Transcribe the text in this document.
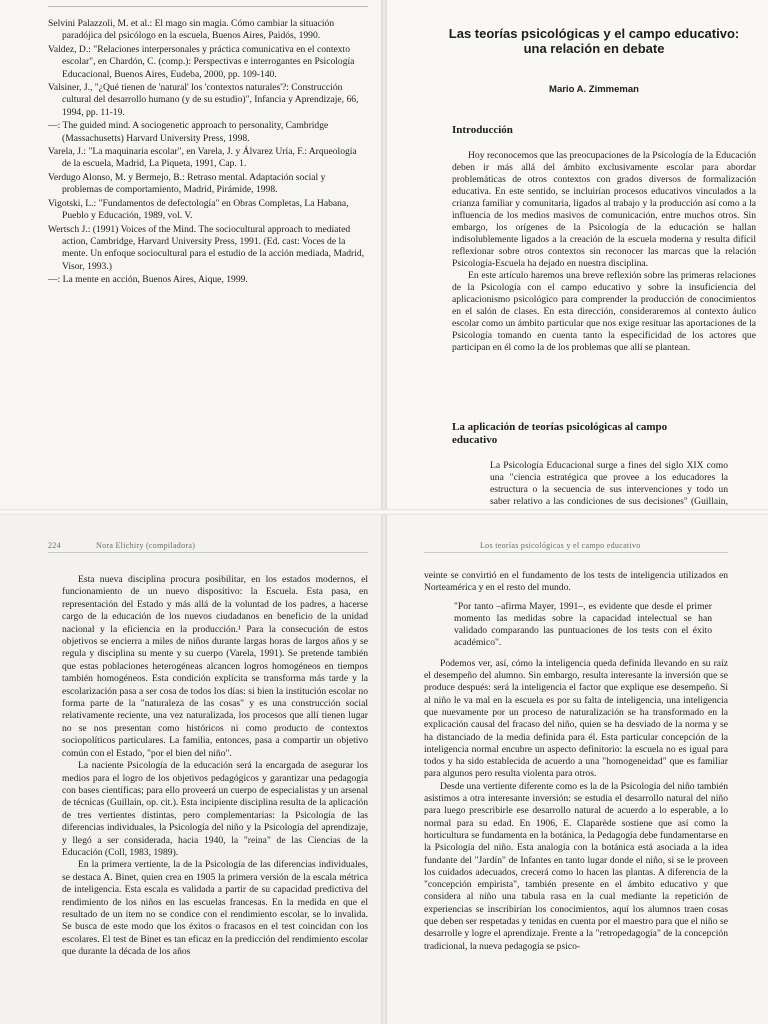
Selvini Palazzoli, M. et al.: El mago sin magia. Cómo cambiar la situación paradójica del psicólogo en la escuela, Buenos Aires, Paidós, 1990.

Valdez, D.: "Relaciones interpersonales y práctica comunicativa en el contexto escolar", en Chardón, C. (comp.): Perspectivas e interrogantes en Psicología Educacional, Buenos Aires, Eudeba, 2000, pp. 109-140.

Valsiner, J., "¿Qué tienen de 'natural' los 'contextos naturales'?: Construcción cultural del desarrollo humano (y de su estudio)", Infancia y Aprendizaje, 66, 1994, pp. 11-19.

—: The guided mind. A sociogenetic approach to personality, Cambridge (Massachusetts) Harvard University Press, 1998.

Varela, J.: "La maquinaria escolar", en Varela, J. y Álvarez Uría, F.: Arqueología de la escuela, Madrid, La Piqueta, 1991, Cap. 1.

Verdugo Alonso, M. y Bermejo, B.: Retraso mental. Adaptación social y problemas de comportamiento, Madrid, Pirámide, 1998.

Vigotski, L.: "Fundamentos de defectología" en Obras Completas, La Habana, Pueblo y Educación, 1989, vol. V.

Wertsch J.: (1991) Voices of the Mind. The sociocultural approach to mediated action, Cambridge, Harvard University Press, 1991. (Ed. cast: Voces de la mente. Un enfoque sociocultural para el estudio de la acción mediada, Madrid, Visor, 1993.)

—: La mente en acción, Buenos Aires, Aique, 1999.

Las teorías psicológicas y el campo educativo:
una relación en debate
Mario A. Zimmeman
Introducción

Hoy reconocemos que las preocupaciones de la Psicología de la Educación deben ir más allá del ámbito exclusivamente escolar para abordar problemáticas de otros contextos con grados diversos de formalización educativa. En este sentido, se incluirían procesos educativos vinculados a la crianza familiar y comunitaria, ligados al trabajo y la producción así como a la influencia de los medios masivos de comunicación, entre muchos otros. Sin embargo, los orígenes de la Psicología de la educación se hallan indisolublemente ligados a la creación de la escuela moderna y resulta difícil reflexionar sobre otros contextos sin reconocer las marcas que la relación Psicología-Escuela ha dejado en nuestra disciplina.

En este artículo haremos una breve reflexión sobre las primeras relaciones de la Psicología con el campo educativo y sobre la insuficiencia del aplicacionismo psicológico para comprender la producción de conocimientos en el salón de clases. En esta dirección, consideraremos al contexto áulico escolar como un ámbito particular que nos exige resituar las aportaciones de la Psicología tomando en cuenta tanto la especificidad de los actores que participan en él como la de los problemas que allí se plantean.

La aplicación de teorías psicológicas al campo
educativo
La Psicología Educacional surge a fines del siglo XIX como una "ciencia estratégica que provee a los educadores la estructura o la secuencia de sus intervenciones y todo un saber relativo a las condiciones de sus decisiones" (Guillain,
224	Nora Elichiry (compiladora)

Esta nueva disciplina procura posibilitar, en los estados modernos, el funcionamiento de un nuevo dispositivo: la Escuela. Esta pasa, en representación del Estado y más allá de la voluntad de los padres, a hacerse cargo de la educación de los nuevos ciudadanos en beneficio de la unidad nacional y la eficiencia en la producción.¹ Para la consecución de estos objetivos se encierra a miles de niños durante largas horas de largos años y se regula y disciplina su mente y su cuerpo (Varela, 1991). Se pretende también que estas poblaciones heterogéneas alcancen logros homogéneos en tiempos también homogéneos. Esta condición explícita se transforma más tarde y la escolarización pasa a ser cosa de todos los días: si bien la institución escolar no forma parte de la "naturaleza de las cosas" y es una construcción social relativamente reciente, una vez naturalizada, los procesos que allí tienen lugar no se nos presentan como históricos ni como producto de contextos sociopolíticos particulares. La familia, entonces, pasa a compartir un objetivo común con el Estado, "por el bien del niño".

La naciente Psicología de la educación será la encargada de asegurar los medios para el logro de los objetivos pedagógicos y garantizar una pedagogía con bases científicas; para ello proveerá un cuerpo de especialistas y un arsenal de técnicas (Guillain, op. cit.). Esta incipiente disciplina resulta de la aplicación de tres vertientes distintas, pero complementarias: la Psicología de las diferencias individuales, la Psicología del niño y la Psicología del aprendizaje, y llegó a ser considerada, hacia 1940, la "reina" de las Ciencias de la Educación (Coll, 1983, 1989).

En la primera vertiente, la de la Psicología de las diferencias individuales, se destaca A. Binet, quien crea en 1905 la primera versión de la escala métrica de inteligencia. Esta escala es validada a partir de su capacidad predictiva del rendimiento de los niños en las escuelas francesas. En la medida en que el resultado de un ítem no se condice con el rendimiento escolar, se lo invalida. Se busca de este modo que los éxitos o fracasos en el test coincidan con los escolares. El test de Binet es tan eficaz en la predicción del rendimiento escolar que durante la década de los años

Los teorías psicológicas y el campo educativo

veinte se convirtió en el fundamento de los tests de inteligencia utilizados en Norteamérica y en el resto del mundo.

"Por tanto –afirma Mayer, 1991–, es evidente que desde el primer momento las medidas sobre la capacidad intelectual se han validado comparando las puntuaciones de los tests con el éxito académico".

Podemos ver, así, cómo la inteligencia queda definida llevando en su raíz el desempeño del alumno. Sin embargo, resulta interesante la inversión que se produce después: será la inteligencia el factor que explique ese desempeño. Si al niño le va mal en la escuela es por su falta de inteligencia, una inteligencia que nuevamente por un proceso de naturalización se ha transformado en la explicación causal del fracaso del niño, quien se ha desviado de la norma y se ha distanciado de la media definida para él. Esta particular concepción de la inteligencia normal encubre un aspecto definitorio: la escuela no es igual para todos y ha sido establecida de acuerdo a una "homogeneidad" que es familiar para algunos pero resulta violenta para otros.

Desde una vertiente diferente como es la de la Psicología del niño también asistimos a otra interesante inversión: se estudia el desarrollo natural del niño para luego prescribirle ese desarrollo natural de acuerdo a lo esperable, a lo normal para su edad. En 1906, E. Claparède sostiene que así como la horticultura se fundamenta en la botánica, la Pedagogía debe fundamentarse en la Psicología del niño. Esta analogía con la botánica está asociada a la idea fundante del "Jardín" de Infantes en tanto lugar donde el niño, si se le proveen los cuidados adecuados, crecerá como lo hacen las plantas. A diferencia de la "concepción empirista", también presente en el ámbito educativo y que considera al niño una tabula rasa en la cual mediante la repetición de experiencias se inscribirían los conocimientos, aquí los alumnos traen cosas que deben ser respetadas y tenidas en cuenta por el maestro para que el niño se desarrolle y logre el aprendizaje. Frente a la "retropedagogía" de la concepción tradicional, la nueva pedagogía se psico-
